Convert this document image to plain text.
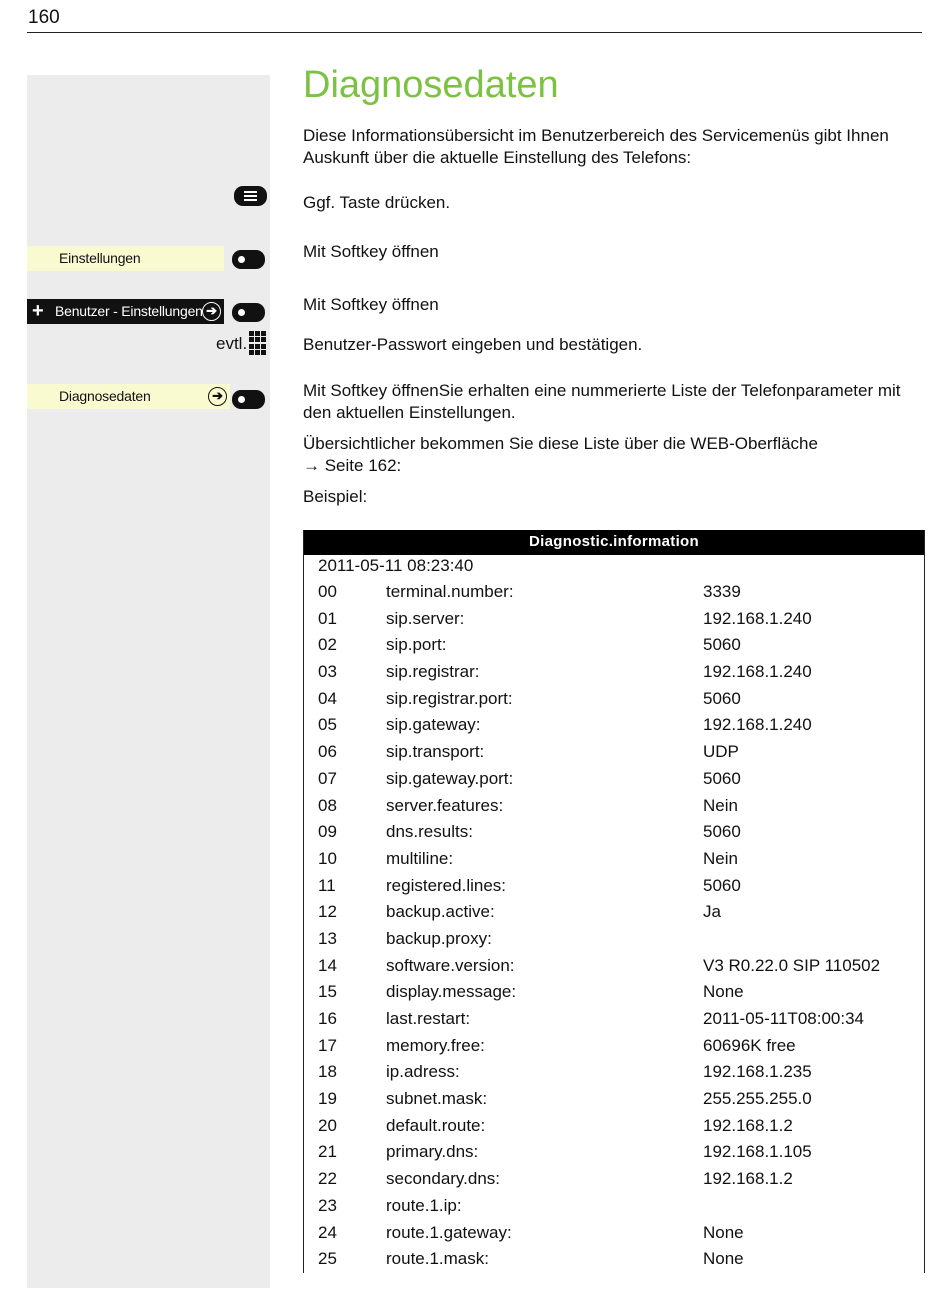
160
Einstellungen
+ Benutzer - Einstellungen ➔
evtl.
Diagnosedaten	➔
Diagnosedaten
Diese Informationsübersicht im Benutzerbereich des Servicemenüs gibt Ihnen Auskunft über die aktuelle Einstellung des Telefons:
Ggf. Taste drücken.
Mit Softkey öffnen
Mit Softkey öffnen
Benutzer-Passwort eingeben und bestätigen.
Mit Softkey öffnenSie erhalten eine nummerierte Liste der Telefonparameter mit den aktuellen Einstellungen.
Übersichtlicher bekommen Sie diese Liste über die WEB-Oberfläche
→ Seite 162:
Beispiel:
Diagnostic.information
2011-05-11 08:23:40
00	terminal.number:	3339
01	sip.server:	192.168.1.240
02	sip.port:	5060
03	sip.registrar:	192.168.1.240
04	sip.registrar.port:	5060
05	sip.gateway:	192.168.1.240
06	sip.transport:	UDP
07	sip.gateway.port:	5060
08	server.features:	Nein
09	dns.results:	5060
10	multiline:	Nein
11	registered.lines:	5060
12	backup.active:	Ja
13	backup.proxy:
14	software.version:	V3 R0.22.0 SIP 110502
15	display.message:	None
16	last.restart:	2011-05-11T08:00:34
17	memory.free:	60696K free
18	ip.adress:	192.168.1.235
19	subnet.mask:	255.255.255.0
20	default.route:	192.168.1.2
21	primary.dns:	192.168.1.105
22	secondary.dns:	192.168.1.2
23	route.1.ip:
24	route.1.gateway:	None
25	route.1.mask:	None
